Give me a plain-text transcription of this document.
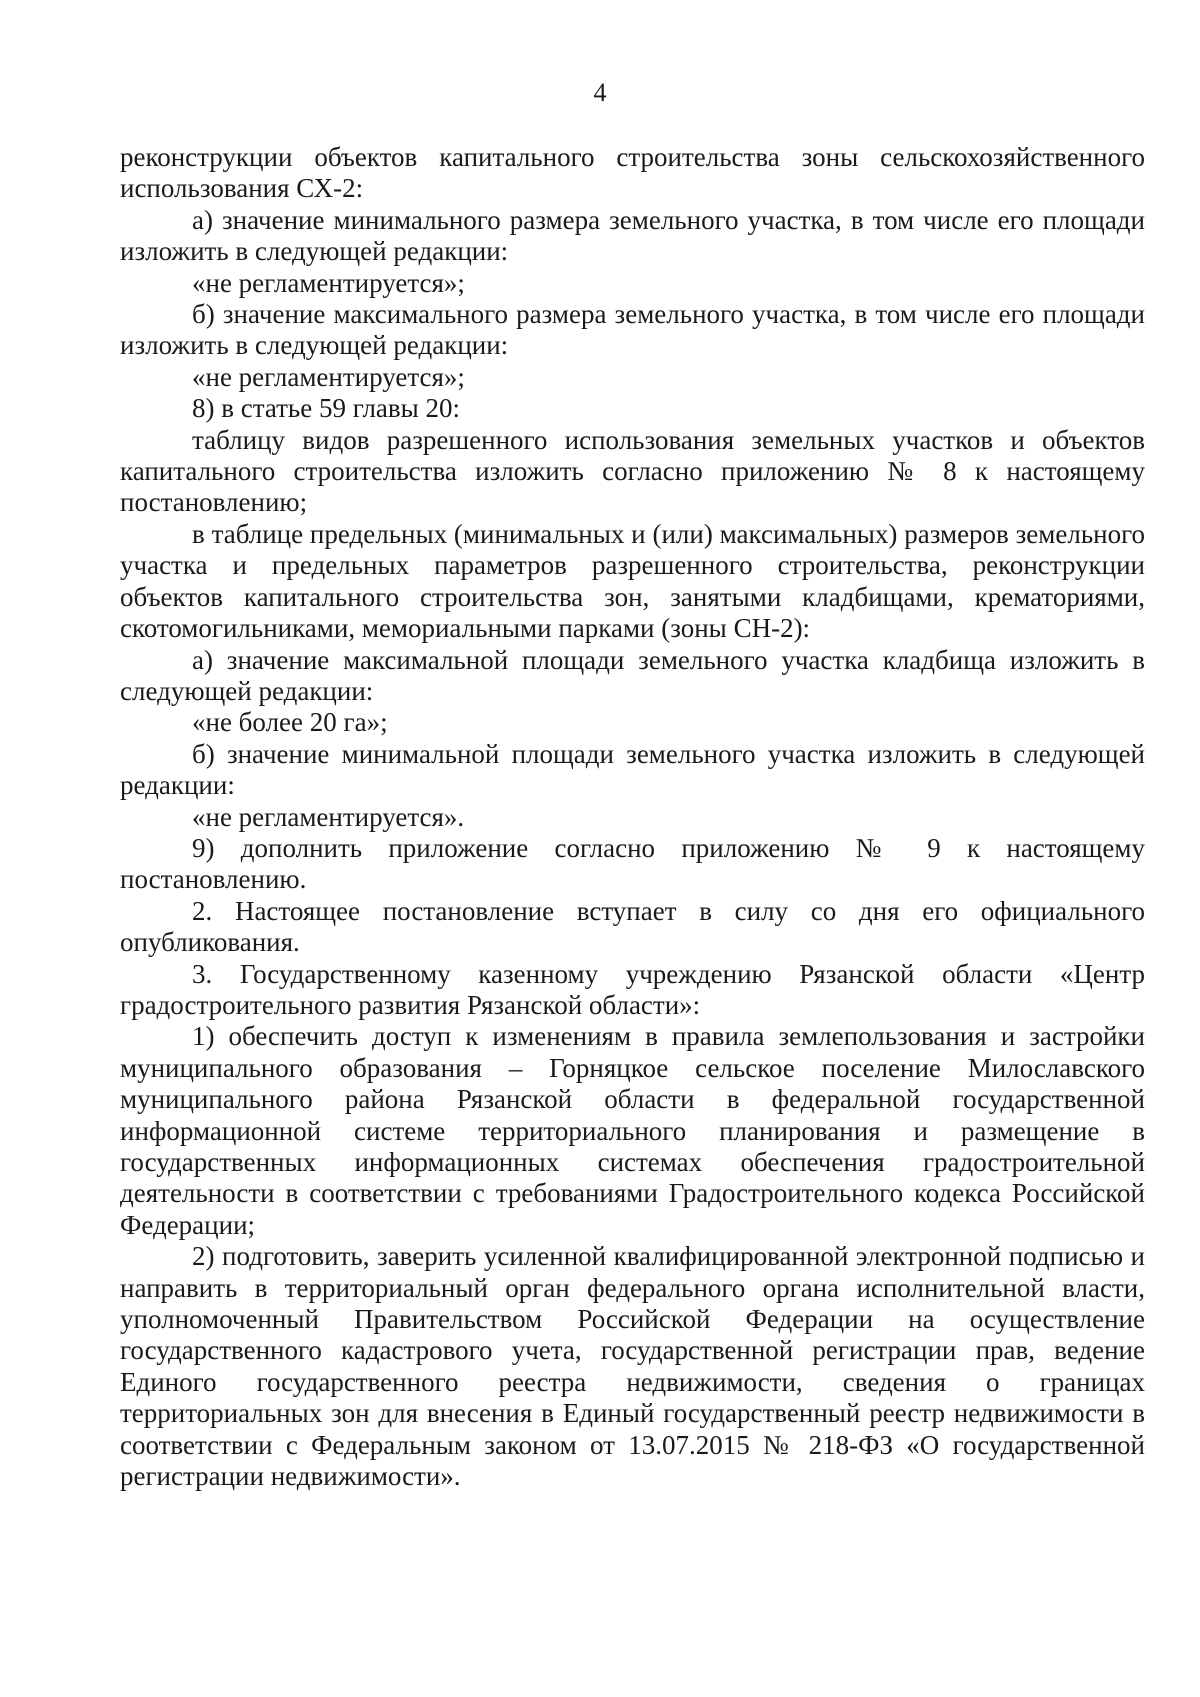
4

реконструкции объектов капитального строительства зоны сельскохозяйственного использования СХ-2:

а) значение минимального размера земельного участка, в том числе его площади изложить в следующей редакции:

«не регламентируется»;

б) значение максимального размера земельного участка, в том числе его площади изложить в следующей редакции:

«не регламентируется»;

8) в статье 59 главы 20:

таблицу видов разрешенного использования земельных участков и объектов капитального строительства изложить согласно приложению № 8 к настоящему постановлению;

в таблице предельных (минимальных и (или) максимальных) размеров земельного участка и предельных параметров разрешенного строительства, реконструкции объектов капитального строительства зон, занятыми кладбищами, крематориями, скотомогильниками, мемориальными парками (зоны СН-2):

а) значение максимальной площади земельного участка кладбища изложить в следующей редакции:

«не более 20 га»;

б) значение минимальной площади земельного участка изложить в следующей редакции:

«не регламентируется».

9) дополнить приложение согласно приложению № 9 к настоящему постановлению.

2. Настоящее постановление вступает в силу со дня его официального опубликования.

3. Государственному казенному учреждению Рязанской области «Центр градостроительного развития Рязанской области»:

1) обеспечить доступ к изменениям в правила землепользования и застройки муниципального образования – Горняцкое сельское поселение Милославского муниципального района Рязанской области в федеральной государственной информационной системе территориального планирования и размещение в государственных информационных системах обеспечения градостроительной деятельности в соответствии с требованиями Градостроительного кодекса Российской Федерации;

2) подготовить, заверить усиленной квалифицированной электронной подписью и направить в территориальный орган федерального органа исполнительной власти, уполномоченный Правительством Российской Федерации на осуществление государственного кадастрового учета, государственной регистрации прав, ведение Единого государственного реестра недвижимости, сведения о границах территориальных зон для внесения в Единый государственный реестр недвижимости в соответствии с Федеральным законом от 13.07.2015 № 218-ФЗ «О государственной регистрации недвижимости».
